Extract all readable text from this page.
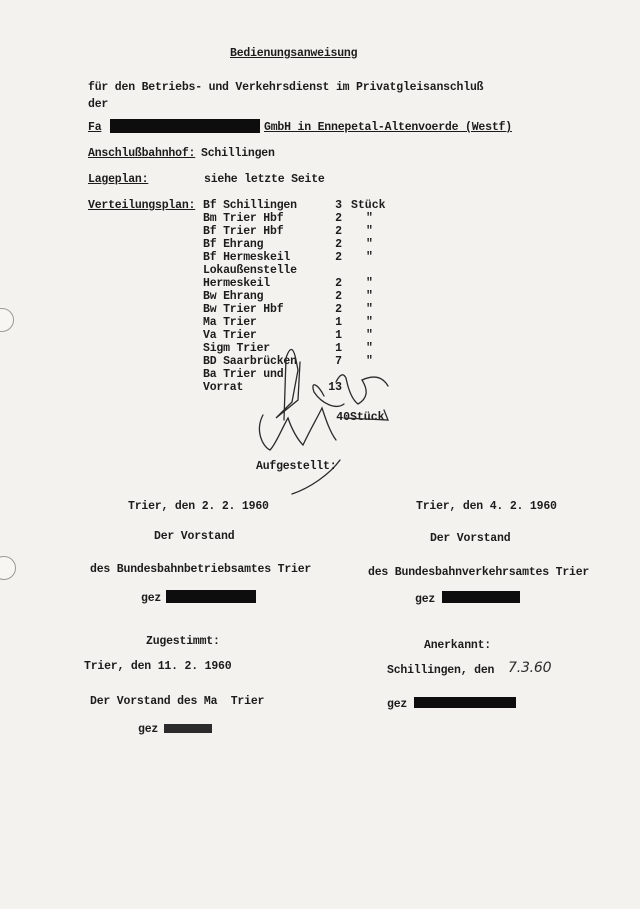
Bedienungsanweisung
für den Betriebs- und Verkehrsdienst im Privatgleisanschluß
der
Fa	GmbH in Ennepetal-Altenvoerde (Westf)
Anschlußbahnhof: Schillingen
Lageplan:	siehe letzte Seite
Verteilungsplan: Bf Schillingen	3 Stück
Bm Trier Hbf	2 "
Bf Trier Hbf	2 "
Bf Ehrang	2 "
Bf Hermeskeil	2 "
Lokaußenstelle
Hermeskeil	2 "
Bw Ehrang	2 "
Bw Trier Hbf	2 "
Ma Trier	1 "
Va Trier	1 "
Sigm Trier	1 "
BD Saarbrücken	7 "
Ba Trier und
Vorrat	13
40 Stück
Aufgestellt:
Trier, den 2. 2. 1960
Der Vorstand
des Bundesbahnbetriebsamtes Trier
gez
Trier, den 4. 2. 1960
Der Vorstand
des Bundesbahnverkehrsamtes Trier
gez
Zugestimmt:
Trier, den 11. 2. 1960
Der Vorstand des Ma  Trier
gez
Anerkannt:
Schillingen, den 7.3.60
gez
